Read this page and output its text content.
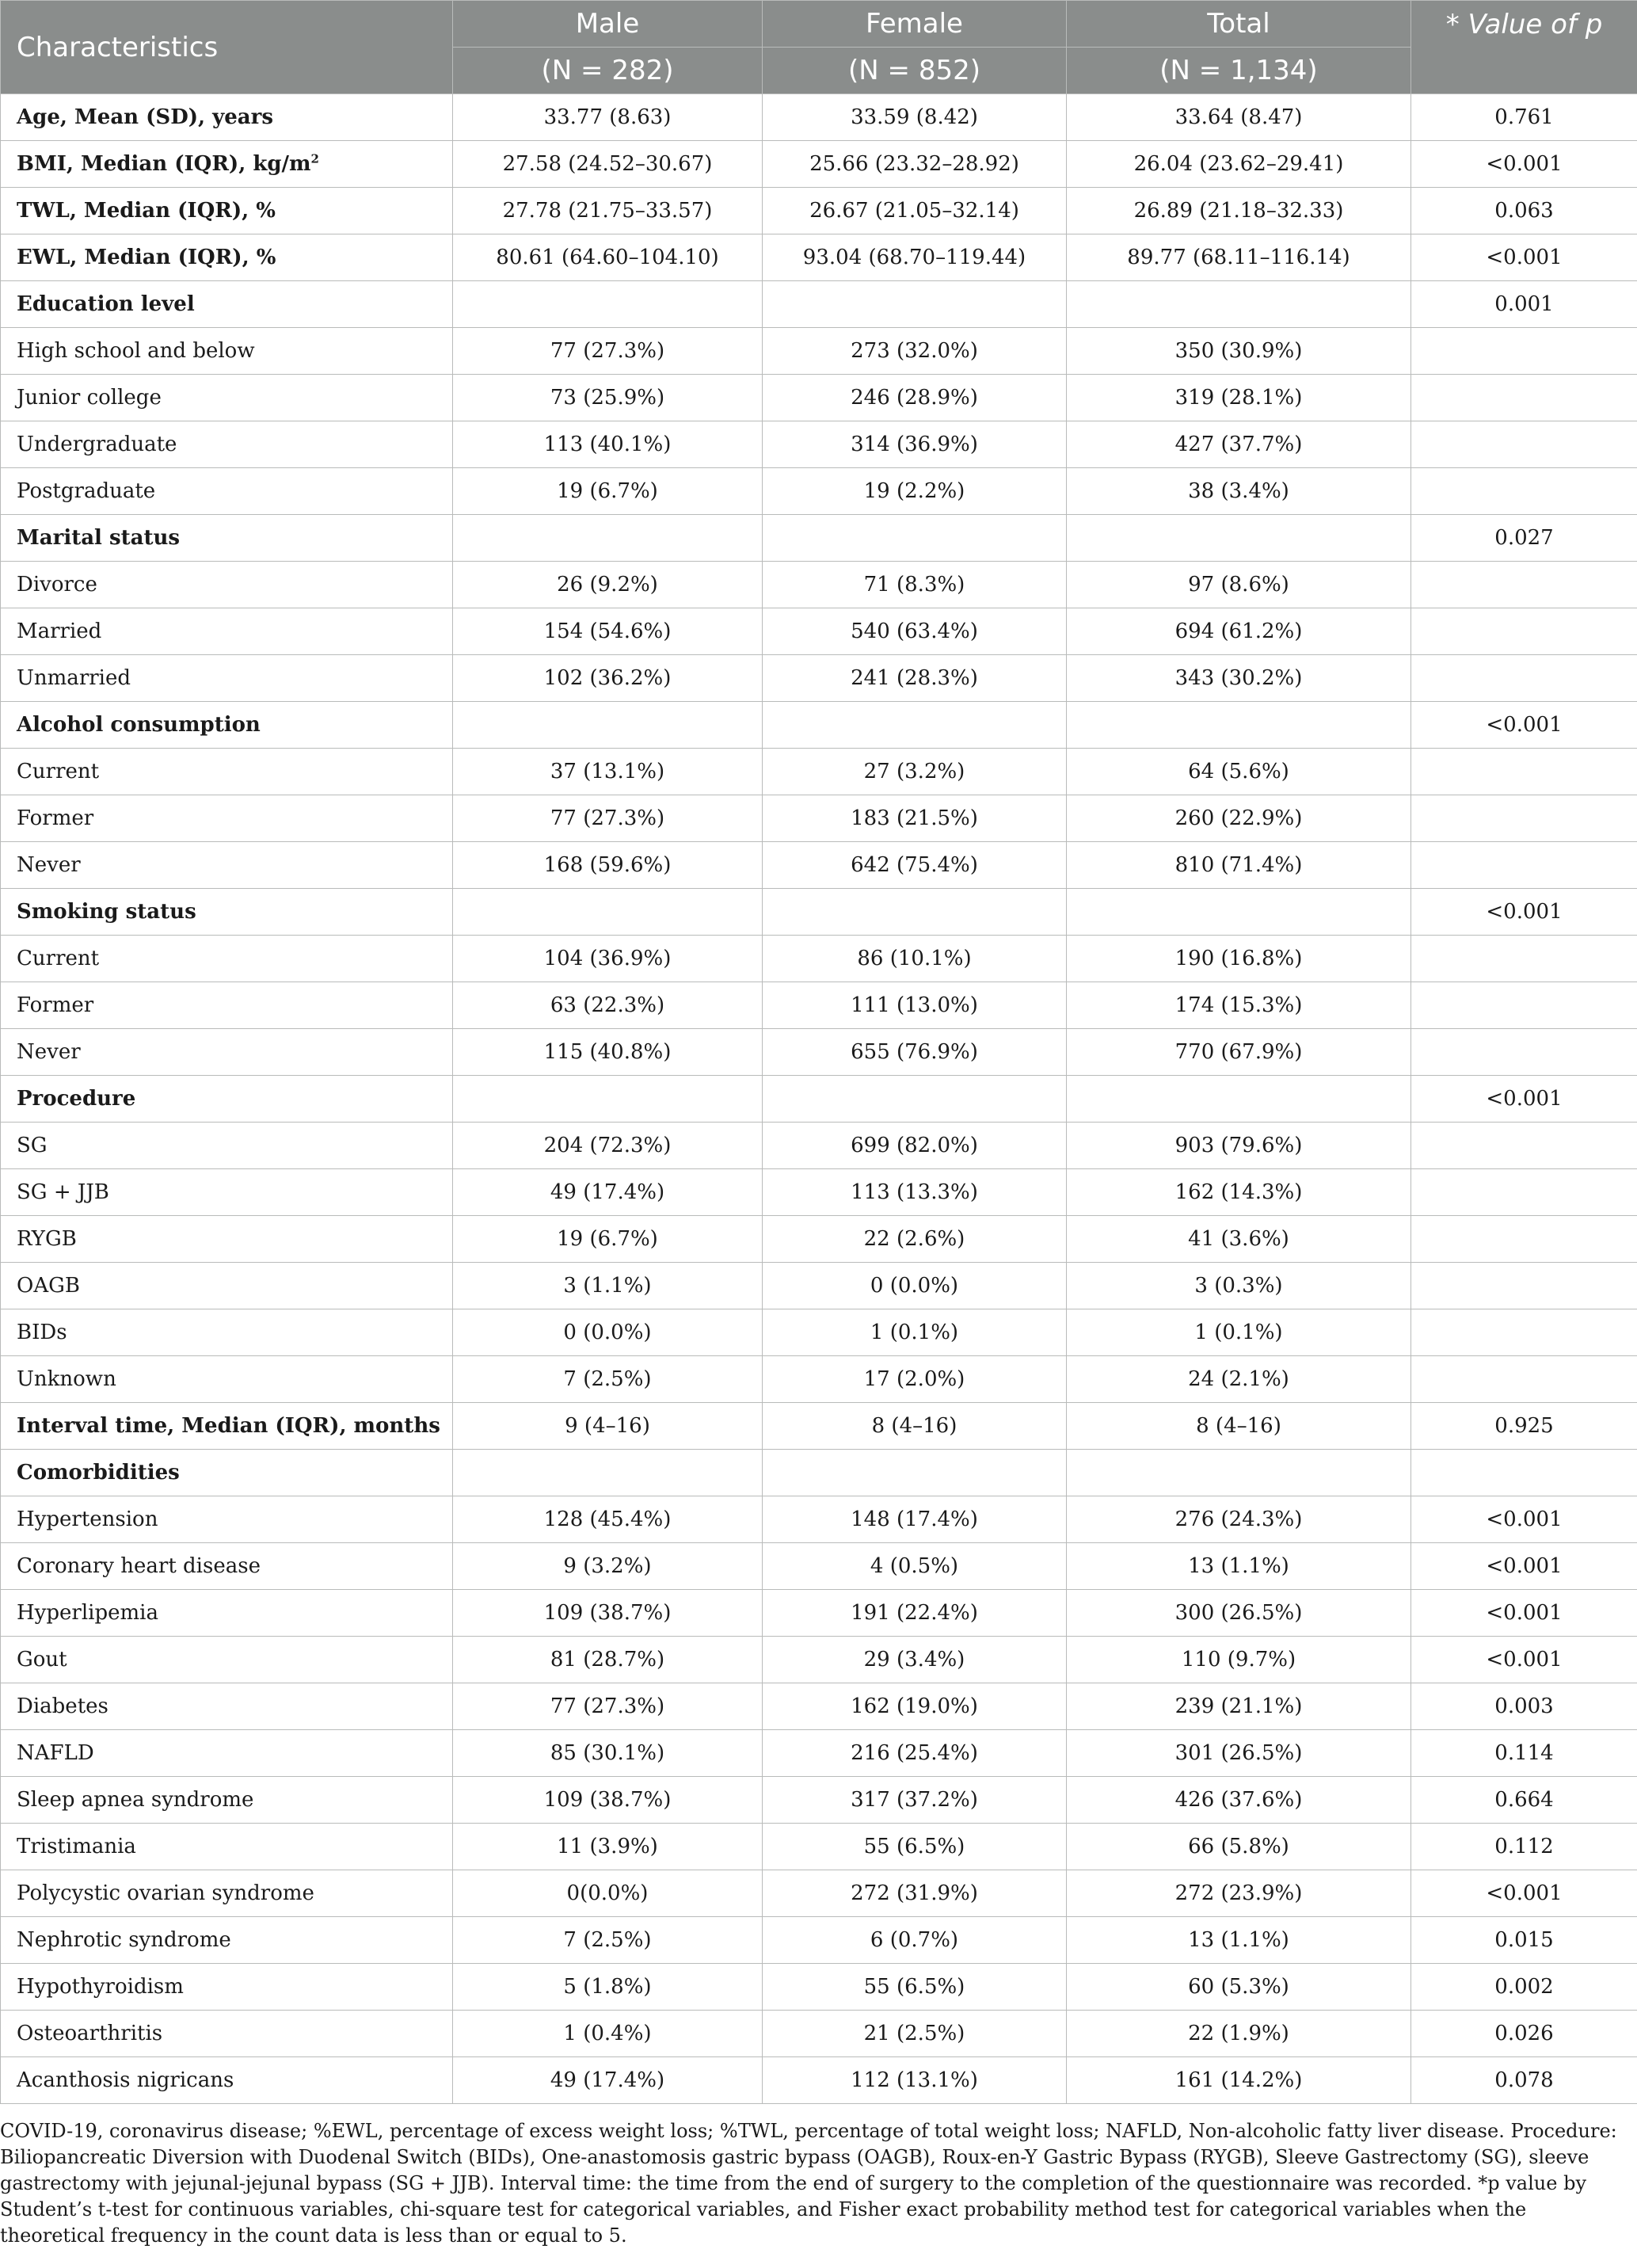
Characteristics	Male	Female	Total	* Value of p
	(N = 282)	(N = 852)	(N = 1,134)	
Age, Mean (SD), years	33.77 (8.63)	33.59 (8.42)	33.64 (8.47)	0.761
BMI, Median (IQR), $kg/m^2$	27.58 (24.52–30.67)	25.66 (23.32–28.92)	26.04 (23.62–29.41)	<0.001
TWL, Median (IQR), %	27.78 (21.75–33.57)	26.67 (21.05–32.14)	26.89 (21.18–32.33)	0.063
EWL, Median (IQR), %	80.61 (64.60–104.10)	93.04 (68.70–119.44)	89.77 (68.11–116.14)	<0.001
Education level				0.001
High school and below	77 (27.3%)	273 (32.0%)	350 (30.9%)	
Junior college	73 (25.9%)	246 (28.9%)	319 (28.1%)	
Undergraduate	113 (40.1%)	314 (36.9%)	427 (37.7%)	
Postgraduate	19 (6.7%)	19 (2.2%)	38 (3.4%)	
Marital status				0.027
Divorce	26 (9.2%)	71 (8.3%)	97 (8.6%)	
Married	154 (54.6%)	540 (63.4%)	694 (61.2%)	
Unmarried	102 (36.2%)	241 (28.3%)	343 (30.2%)	
Alcohol consumption				<0.001
Current	37 (13.1%)	27 (3.2%)	64 (5.6%)	
Former	77 (27.3%)	183 (21.5%)	260 (22.9%)	
Never	168 (59.6%)	642 (75.4%)	810 (71.4%)	
Smoking status				<0.001
Current	104 (36.9%)	86 (10.1%)	190 (16.8%)	
Former	63 (22.3%)	111 (13.0%)	174 (15.3%)	
Never	115 (40.8%)	655 (76.9%)	770 (67.9%)	
Procedure				<0.001
SG	204 (72.3%)	699 (82.0%)	903 (79.6%)	
SG + JJB	49 (17.4%)	113 (13.3%)	162 (14.3%)	
RYGB	19 (6.7%)	22 (2.6%)	41 (3.6%)	
OAGB	3 (1.1%)	0 (0.0%)	3 (0.3%)	
BIDs	0 (0.0%)	1 (0.1%)	1 (0.1%)	
Unknown	7 (2.5%)	17 (2.0%)	24 (2.1%)	
Interval time, Median (IQR), months	9 (4–16)	8 (4–16)	8 (4–16)	0.925
Comorbidities				
Hypertension	128 (45.4%)	148 (17.4%)	276 (24.3%)	<0.001
Coronary heart disease	9 (3.2%)	4 (0.5%)	13 (1.1%)	<0.001
Hyperlipemia	109 (38.7%)	191 (22.4%)	300 (26.5%)	<0.001
Gout	81 (28.7%)	29 (3.4%)	110 (9.7%)	<0.001
Diabetes	77 (27.3%)	162 (19.0%)	239 (21.1%)	0.003
NAFLD	85 (30.1%)	216 (25.4%)	301 (26.5%)	0.114
Sleep apnea syndrome	109 (38.7%)	317 (37.2%)	426 (37.6%)	0.664
Tristimania	11 (3.9%)	55 (6.5%)	66 (5.8%)	0.112
Polycystic ovarian syndrome	0(0.0%)	272 (31.9%)	272 (23.9%)	<0.001
Nephrotic syndrome	7 (2.5%)	6 (0.7%)	13 (1.1%)	0.015
Hypothyroidism	5 (1.8%)	55 (6.5%)	60 (5.3%)	0.002
Osteoarthritis	1 (0.4%)	21 (2.5%)	22 (1.9%)	0.026
Acanthosis nigricans	49 (17.4%)	112 (13.1%)	161 (14.2%)	0.078

COVID-19, coronavirus disease; %EWL, percentage of excess weight loss; %TWL, percentage of total weight loss; NAFLD, Non-alcoholic fatty liver disease. Procedure: Biliopancreatic Diversion with Duodenal Switch (BIDs), One-anastomosis gastric bypass (OAGB), Roux-en-Y Gastric Bypass (RYGB), Sleeve Gastrectomy (SG), sleeve gastrectomy with jejunal-jejunal bypass (SG + JJB). Interval time: the time from the end of surgery to the completion of the questionnaire was recorded. *p value by Student’s t-test for continuous variables, chi-square test for categorical variables, and Fisher exact probability method test for categorical variables when the theoretical frequency in the count data is less than or equal to 5.
